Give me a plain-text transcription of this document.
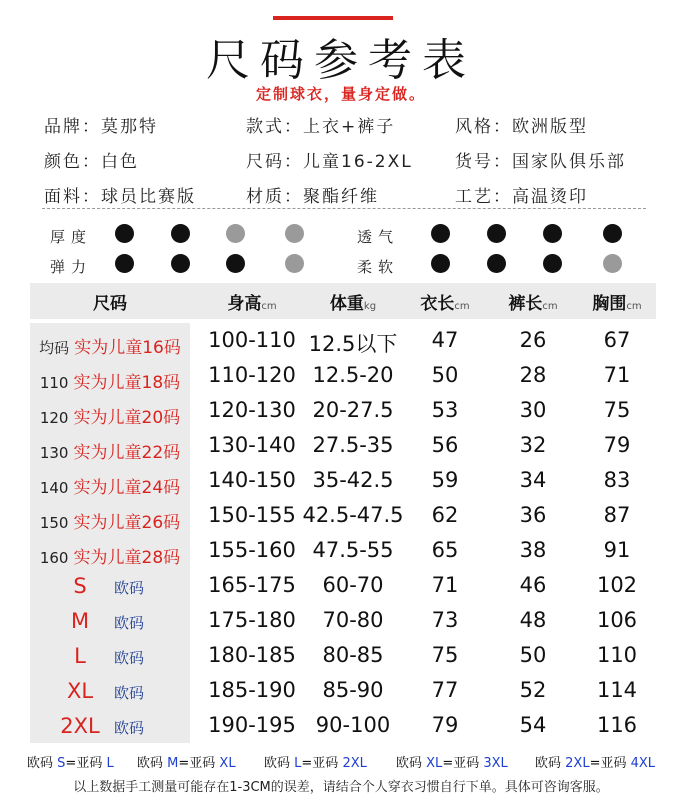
尺码参考表
定制球衣，量身定做。
品牌：莫那特	款式：上衣+裤子	风格：欧洲版型
颜色：白色	尺码：儿童16-2XL 货号：国家队俱乐部
面料：球员比赛版	材质：聚酯纤维	工艺：高温烫印
厚度	透气
弹力	柔软
尺码	身高cm	体重kg	衣长cm 裤长cm 胸围cm
均码 实为儿童16码	100-110 12.5以下 47	26	67
110 实为儿童18码	110-120 12.5-20 50	28	71
120 实为儿童20码	120-130 20-27.5 53	30	75
130 实为儿童22码	130-140 27.5-35 56	32	79
140 实为儿童24码	140-150 35-42.5 59	34	83
150 实为儿童26码	150-155 42.5-47.5 62	36	87
160 实为儿童28码	155-160 47.5-55 65	38	91
S 欧码	165-175 60-70 71	46 102
M 欧码	175-180 70-80 73	48 106
L 欧码	180-185 80-85 75	50 110
XL 欧码	185-190 85-90 77	52 114
2XL 欧码	190-195 90-100 79	54 116
欧码 S=亚码 L 欧码 M=亚码 XL 欧码 L=亚码 2XL 欧码 XL=亚码 3XL 欧码 2XL=亚码 4XL
以上数据手工测量可能存在1-3CM的误差，请结合个人穿衣习惯自行下单。具体可咨询客服。
